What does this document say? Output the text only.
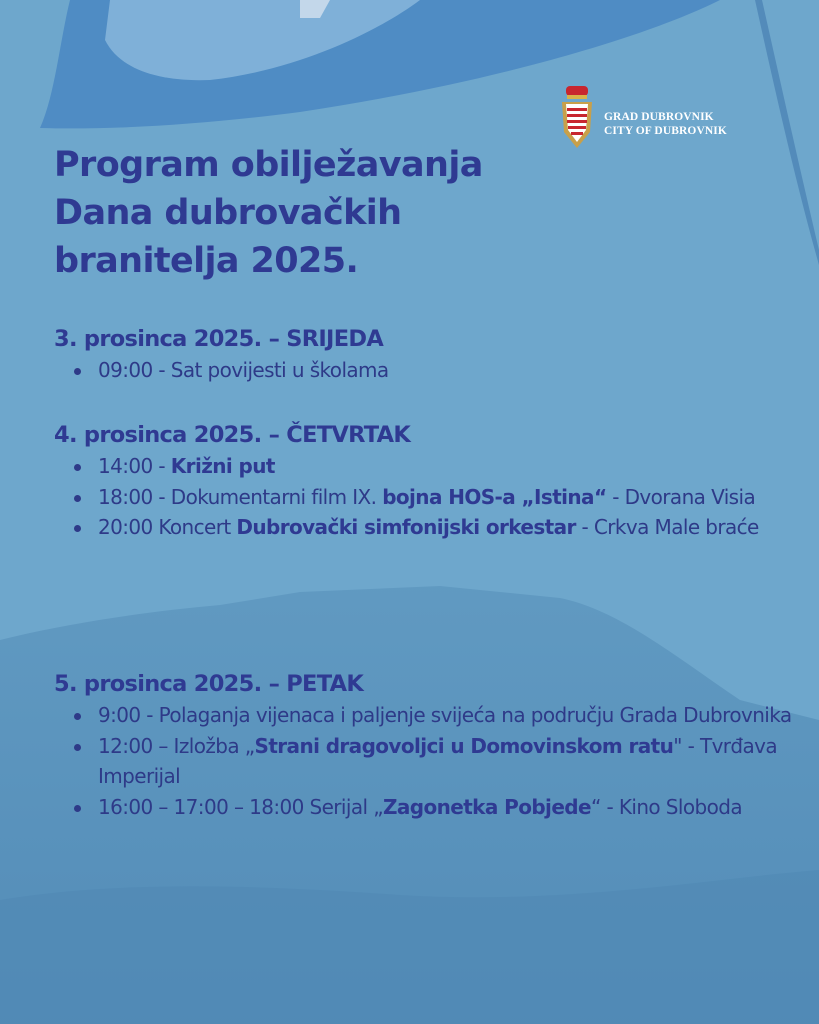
GRAD DUBROVNIK
CITY OF DUBROVNIK
Program obilježavanja
Dana dubrovačkih
branitelja 2025.
3. prosinca 2025. – SRIJEDA
09:00 - Sat povijesti u školama
4. prosinca 2025. – ČETVRTAK
14:00 - Križni put
18:00 - Dokumentarni film IX. bojna HOS-a „Istina“ - Dvorana Visia
20:00 Koncert Dubrovački simfonijski orkestar - Crkva Male braće
5. prosinca 2025. – PETAK
9:00 - Polaganja vijenaca i paljenje svijeća na području Grada Dubrovnika
12:00 – Izložba „Strani dragovoljci u Domovinskom ratu" - Tvrđava Imperijal
16:00 – 17:00 – 18:00 Serijal „Zagonetka Pobjede“ - Kino Sloboda
